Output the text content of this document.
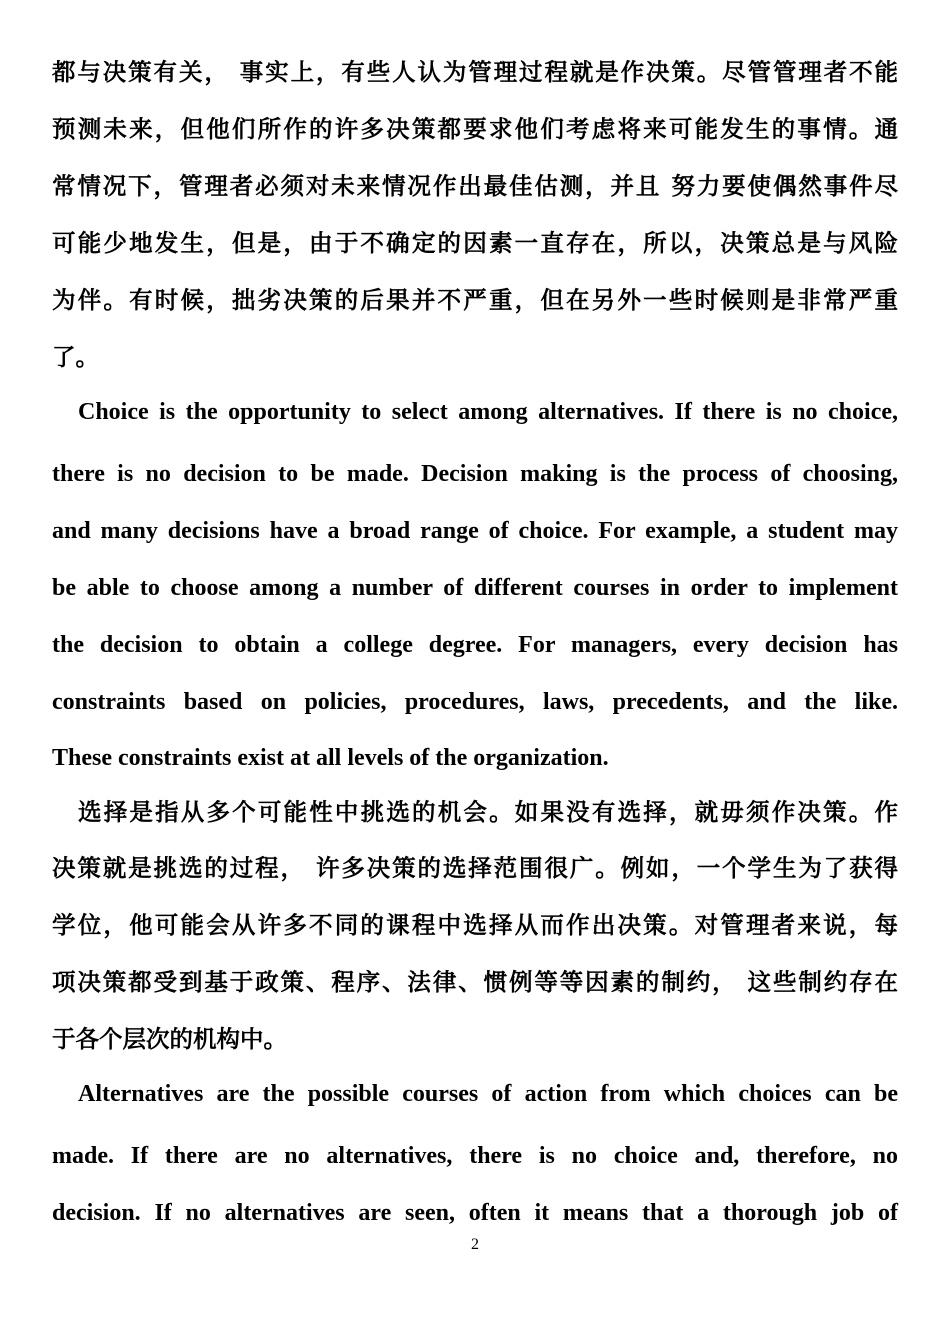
都与决策有关， 事实上，有些人认为管理过程就是作决策。尽管管理者不能
预测未来，但他们所作的许多决策都要求他们考虑将来可能发生的事情。通
常情况下，管理者必须对未来情况作出最佳估测，并且 努力要使偶然事件尽
可能少地发生，但是，由于不确定的因素一直存在，所以，决策总是与风险
为伴。有时候，拙劣决策的后果并不严重，但在另外一些时候则是非常严重
了。
Choice is the opportunity to select among alternatives. If there is no choice,
there is no decision to be made. Decision making is the process of choosing,
and many decisions have a broad range of choice. For example, a student may
be able to choose among a number of different courses in order to implement
the decision to obtain a college degree. For managers, every decision has
constraints based on policies, procedures, laws, precedents, and the like.
These constraints exist at all levels of the organization.
选择是指从多个可能性中挑选的机会。如果没有选择，就毋须作决策。作
决策就是挑选的过程， 许多决策的选择范围很广。例如，一个学生为了获得
学位，他可能会从许多不同的课程中选择从而作出决策。对管理者来说，每
项决策都受到基于政策、程序、法律、惯例等等因素的制约， 这些制约存在
于各个层次的机构中。
Alternatives are the possible courses of action from which choices can be
made. If there are no alternatives, there is no choice and, therefore, no
decision. If no alternatives are seen, often it means that a thorough job of
2
